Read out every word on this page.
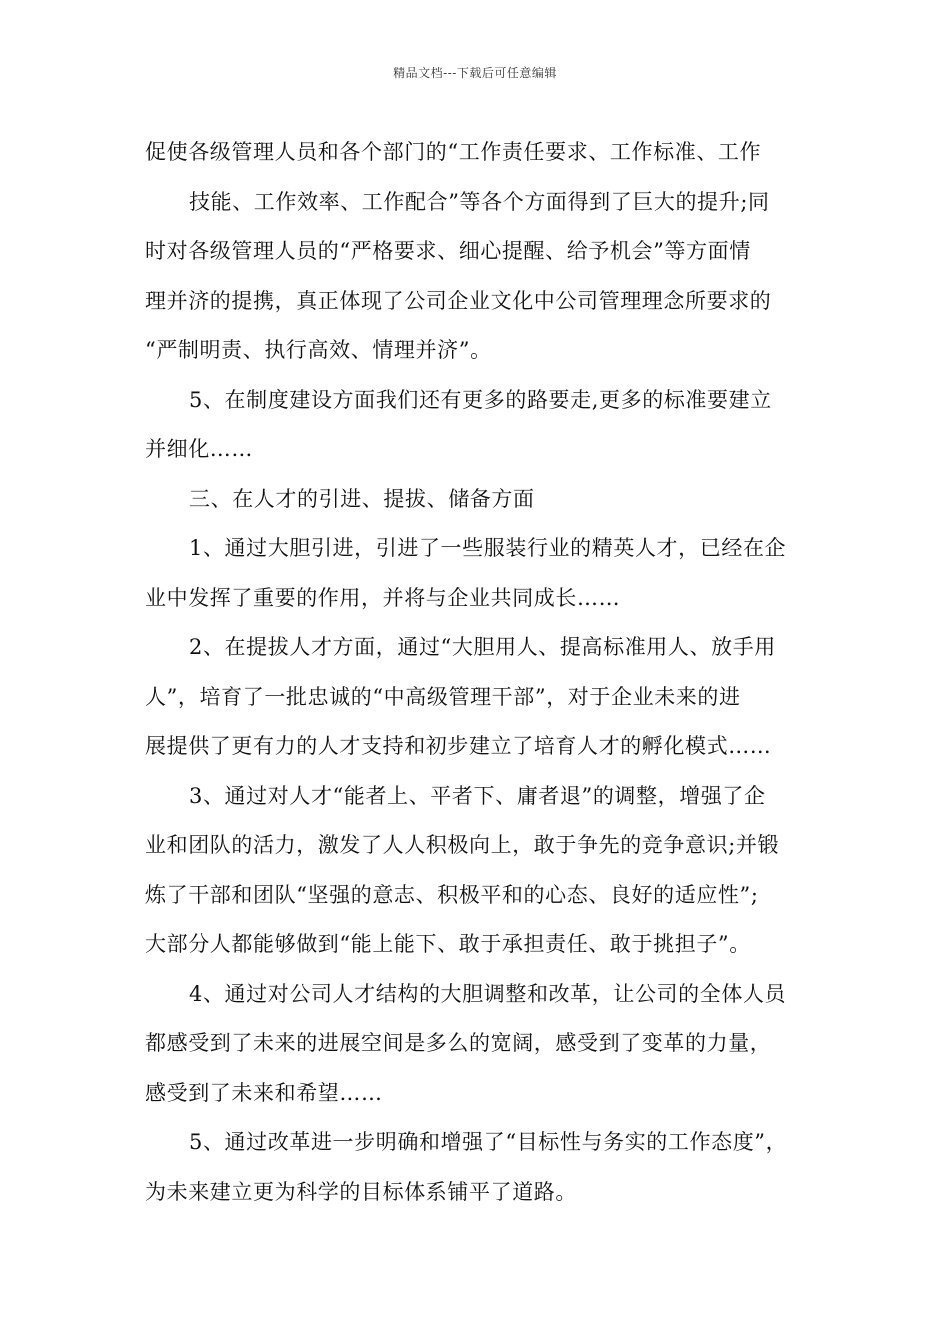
精品文档---下载后可任意编辑
促使各级管理人员和各个部门的“工作责任要求、工作标准、工作
技能、工作效率、工作配合”等各个方面得到了巨大的提升;同
时对各级管理人员的“严格要求、细心提醒、给予机会”等方面情
理并济的提携，真正体现了公司企业文化中公司管理理念所要求的
“严制明责、执行高效、情理并济”。
5、在制度建设方面我们还有更多的路要走,更多的标准要建立
并细化……
三、在人才的引进、提拔、储备方面
1、通过大胆引进，引进了一些服装行业的精英人才，已经在企
业中发挥了重要的作用，并将与企业共同成长……
2、在提拔人才方面，通过“大胆用人、提高标准用人、放手用
人”，培育了一批忠诚的“中高级管理干部”，对于企业未来的进
展提供了更有力的人才支持和初步建立了培育人才的孵化模式……
3、通过对人才“能者上、平者下、庸者退”的调整，增强了企
业和团队的活力，激发了人人积极向上，敢于争先的竞争意识;并锻
炼了干部和团队“坚强的意志、积极平和的心态、良好的适应性”;
大部分人都能够做到“能上能下、敢于承担责任、敢于挑担子”。
4、通过对公司人才结构的大胆调整和改革，让公司的全体人员
都感受到了未来的进展空间是多么的宽阔，感受到了变革的力量，
感受到了未来和希望……
5、通过改革进一步明确和增强了“目标性与务实的工作态度”，
为未来建立更为科学的目标体系铺平了道路。
